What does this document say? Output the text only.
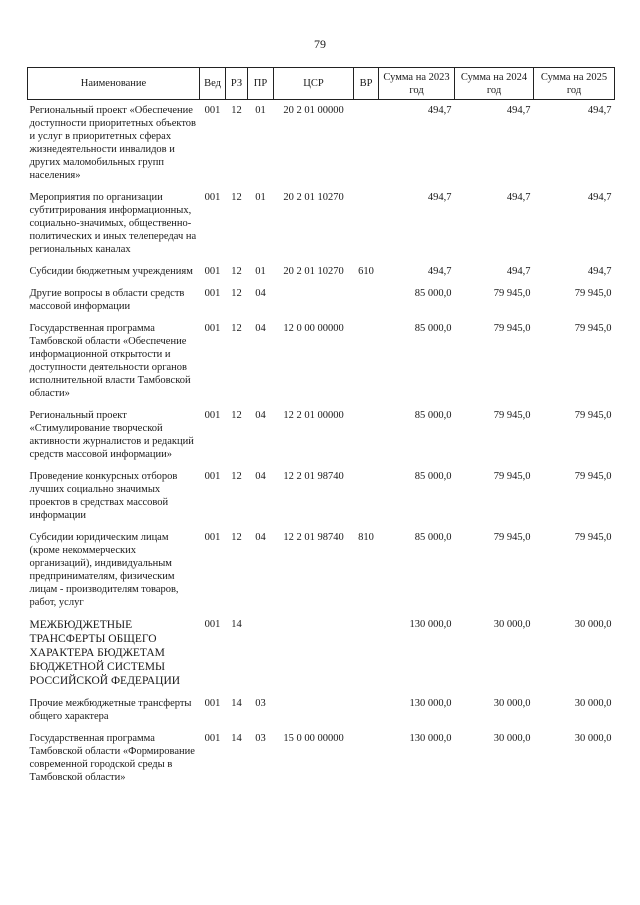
79
Наименование	Вед	РЗ	ПР	ЦСР	ВР	Сумма на 2023 год	Сумма на 2024 год	Сумма на 2025 год
Региональный проект «Обеспечение доступности приоритетных объектов и услуг в приоритетных сферах жизнедеятельности инвалидов и других маломобильных групп населения»	001	12	01	20 2 01 00000		494,7	494,7	494,7
Мероприятия по организации субтитрирования информационных, социально-значимых, общественно-политических и иных телепередач на региональных каналах	001	12	01	20 2 01 10270		494,7	494,7	494,7
Субсидии бюджетным учреждениям	001	12	01	20 2 01 10270	610	494,7	494,7	494,7
Другие вопросы в области средств массовой информации	001	12	04			85 000,0	79 945,0	79 945,0
Государственная программа Тамбовской области «Обеспечение информационной открытости и доступности деятельности органов исполнительной власти Тамбовской области»	001	12	04	12 0 00 00000		85 000,0	79 945,0	79 945,0
Региональный проект «Стимулирование творческой активности журналистов и редакций средств массовой информации»	001	12	04	12 2 01 00000		85 000,0	79 945,0	79 945,0
Проведение конкурсных отборов лучших социально значимых проектов в средствах массовой информации	001	12	04	12 2 01 98740		85 000,0	79 945,0	79 945,0
Субсидии юридическим лицам (кроме некоммерческих организаций), индивидуальным предпринимателям, физическим лицам - производителям товаров, работ, услуг	001	12	04	12 2 01 98740	810	85 000,0	79 945,0	79 945,0
МЕЖБЮДЖЕТНЫЕ ТРАНСФЕРТЫ ОБЩЕГО ХАРАКТЕРА БЮДЖЕТАМ БЮДЖЕТНОЙ СИСТЕМЫ РОССИЙСКОЙ ФЕДЕРАЦИИ	001	14				130 000,0	30 000,0	30 000,0
Прочие межбюджетные трансферты общего характера	001	14	03			130 000,0	30 000,0	30 000,0
Государственная программа Тамбовской области «Формирование современной городской среды в Тамбовской области»	001	14	03	15 0 00 00000		130 000,0	30 000,0	30 000,0
